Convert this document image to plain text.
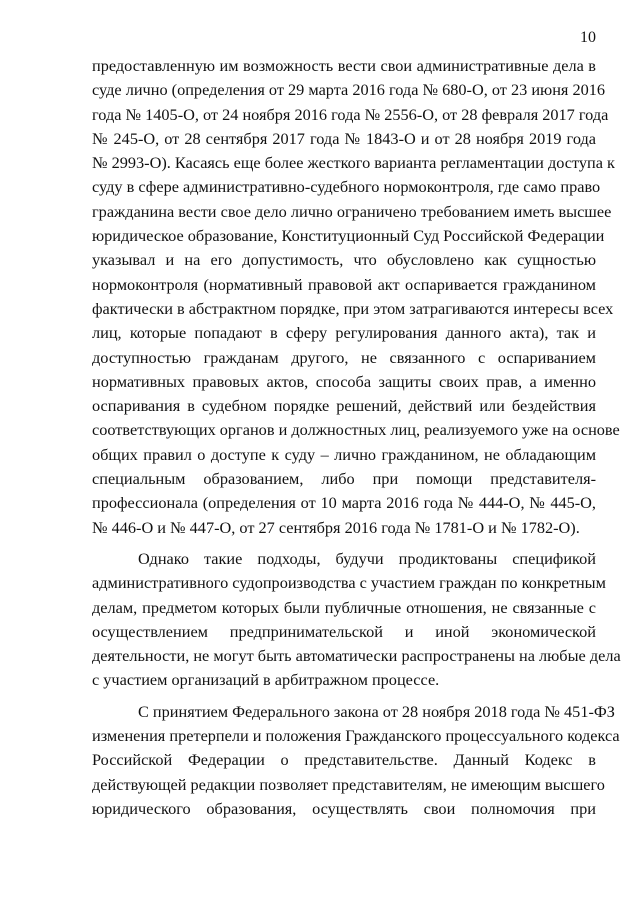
10
предоставленную им возможность вести свои административные дела в
суде лично (определения от 29 марта 2016 года № 680-О, от 23 июня 2016
года № 1405-О, от 24 ноября 2016 года № 2556-О, от 28 февраля 2017 года
№ 245-О, от 28 сентября 2017 года № 1843-О и от 28 ноября 2019 года
№ 2993-О). Касаясь еще более жесткого варианта регламентации доступа к
суду в сфере административно-судебного нормоконтроля, где само право
гражданина вести свое дело лично ограничено требованием иметь высшее
юридическое образование, Конституционный Суд Российской Федерации
указывал и на его допустимость, что обусловлено как сущностью
нормоконтроля (нормативный правовой акт оспаривается гражданином
фактически в абстрактном порядке, при этом затрагиваются интересы всех
лиц, которые попадают в сферу регулирования данного акта), так и
доступностью гражданам другого, не связанного с оспариванием
нормативных правовых актов, способа защиты своих прав, а именно
оспаривания в судебном порядке решений, действий или бездействия
соответствующих органов и должностных лиц, реализуемого уже на основе
общих правил о доступе к суду – лично гражданином, не обладающим
специальным образованием, либо при помощи представителя-
профессионала (определения от 10 марта 2016 года № 444-О, № 445-О,
№ 446-О и № 447-О, от 27 сентября 2016 года № 1781-О и № 1782-О).
Однако такие подходы, будучи продиктованы спецификой
административного судопроизводства с участием граждан по конкретным
делам, предметом которых были публичные отношения, не связанные с
осуществлением предпринимательской и иной экономической
деятельности, не могут быть автоматически распространены на любые дела
с участием организаций в арбитражном процессе.
С принятием Федерального закона от 28 ноября 2018 года № 451-ФЗ
изменения претерпели и положения Гражданского процессуального кодекса
Российской Федерации о представительстве. Данный Кодекс в
действующей редакции позволяет представителям, не имеющим высшего
юридического образования, осуществлять свои полномочия при
